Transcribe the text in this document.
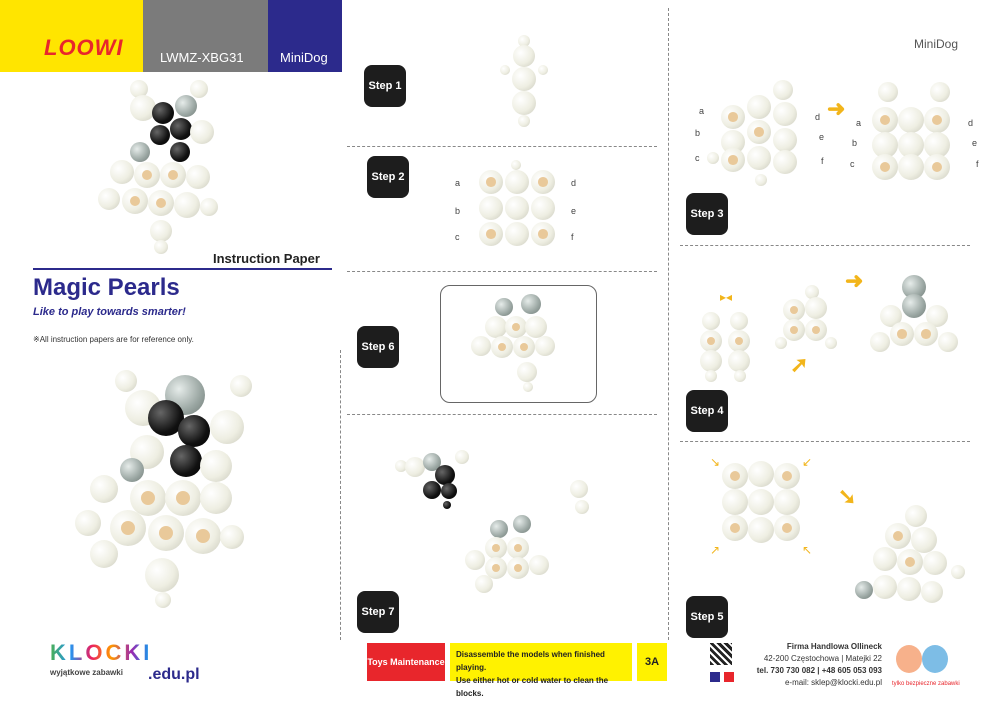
LOOWI	LWMZ-XBG31	MiniDog
Instruction Paper
Magic Pearls
Like to play towards smarter!
※All instruction papers are for reference only.
KLOCKI
wyjątkowe zabawki .edu.pl
Step 1
Step 2	a
b
c
d
e
f
Step 6
Step 7
MiniDog
Step 3
➜
a
b
c
d
e
f
a
b
c
d
e
f
Step 4
➜
➚
▸◂
Step 5
➘
↘	↙
↗	↖
Toys Maintenance
Disassemble the models when finished playing.
Use either hot or cold water to clean the blocks.
3A
Firma Handlowa Ollineck
42-200 Częstochowa | Matejki 22
tel. 730 730 082 | +48 605 053 093
e-mail: sklep@klocki.edu.pl tylko bezpieczne zabawki
